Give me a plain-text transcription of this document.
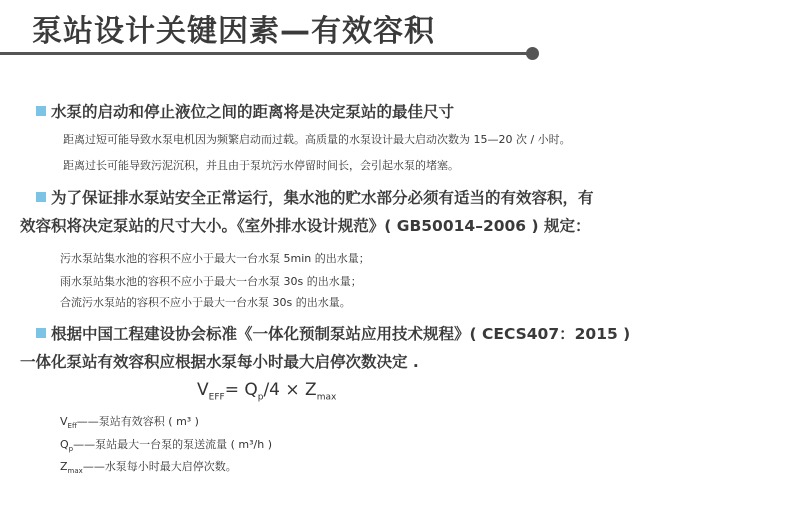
泵站设计关键因素—有效容积
水泵的启动和停止液位之间的距离将是决定泵站的最佳尺寸
距离过短可能导致水泵电机因为频繁启动而过载。高质量的水泵设计最大启动次数为 15—20 次 / 小时。
距离过长可能导致污泥沉积，并且由于泵坑污水停留时间长，会引起水泵的堵塞。
为了保证排水泵站安全正常运行，集水池的贮水部分必须有适当的有效容积，有
效容积将决定泵站的尺寸大小。《室外排水设计规范》( GB50014–2006 ) 规定：
污水泵站集水池的容积不应小于最大一台水泵 5min 的出水量；
雨水泵站集水池的容积不应小于最大一台水泵 30s 的出水量；
合流污水泵站的容积不应小于最大一台水泵 30s 的出水量。
根据中国工程建设协会标准《一体化预制泵站应用技术规程》( CECS407：2015 )
一体化泵站有效容积应根据水泵每小时最大启停次数决定 .
$V_{EFF}= Q_p/4 \times Z_{max}$
$V_{Eff}——$泵站有效容积 ( m³ )
$Q_p——$泵站最大一台泵的泵送流量 ( m³/h )
$Z_{max}——$水泵每小时最大启停次数。
